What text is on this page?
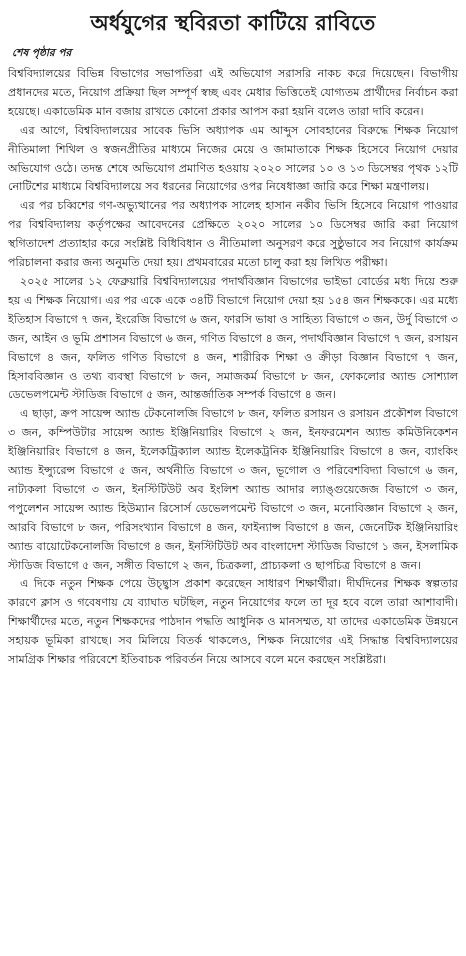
অর্ধযুগের স্থবিরতা কাটিয়ে রাবিতে
শেষ পৃষ্ঠার পর

বিশ্ববিদ্যালয়ের বিভিন্ন বিভাগের সভাপতিরা এই অভিযোগ সরাসরি নাকচ করে দিয়েছেন। বিভাগীয় প্রধানদের মতে, নিয়োগ প্রক্রিয়া ছিল সম্পূর্ণ স্বচ্ছ এবং মেধার ভিত্তিতেই যোগ্যতম প্রার্থীদের নির্বাচন করা হয়েছে। একাডেমিক মান বজায় রাখতে কোনো প্রকার আপস করা হয়নি বলেও তারা দাবি করেন।

এর আগে, বিশ্ববিদ্যালয়ের সাবেক ভিসি অধ্যাপক এম আব্দুস সোবহানের বিরুদ্ধে শিক্ষক নিয়োগ নীতিমালা শিথিল ও স্বজনপ্রীতির মাধ্যমে নিজের মেয়ে ও জামাতাকে শিক্ষক হিসেবে নিয়োগ দেয়ার অভিযোগ ওঠে। তদন্ত শেষে অভিযোগ প্রমাণিত হওয়ায় ২০২০ সালের ১০ ও ১৩ ডিসেম্বর পৃথক ১২টি নোটিশের মাধ্যমে বিশ্ববিদ্যালয়ে সব ধরনের নিয়োগের ওপর নিষেধাজ্ঞা জারি করে শিক্ষা মন্ত্রণালয়।

এর পর চব্বিশের গণ-অভ্যুত্থানের পর অধ্যাপক সালেহ হাসান নকীব ভিসি হিসেবে নিয়োগ পাওয়ার পর বিশ্ববিদ্যালয় কর্তৃপক্ষের আবেদনের প্রেক্ষিতে ২০২০ সালের ১০ ডিসেম্বর জারি করা নিয়োগ স্থগিতাদেশ প্রত্যাহার করে সংশ্লিষ্ট বিধিবিধান ও নীতিমালা অনুসরণ করে সুষ্ঠুভাবে সব নিয়োগ কার্যক্রম পরিচালনা করার জন্য অনুমতি দেয়া হয়। প্রথমবারের মতো চালু করা হয় লিখিত পরীক্ষা।

২০২৫ সালের ১২ ফেব্রুয়ারি বিশ্ববিদ্যালয়ের পদার্থবিজ্ঞান বিভাগের ভাইভা বোর্ডের মধ্য দিয়ে শুরু হয় এ শিক্ষক নিয়োগ। এর পর একে একে ৩৪টি বিভাগে নিয়োগ দেয়া হয় ১৫৪ জন শিক্ষককে। এর মধ্যে ইতিহাস বিভাগে ৭ জন, ইংরেজি বিভাগে ৬ জন, ফারসি ভাষা ও সাহিত্য বিভাগে ৩ জন, উর্দু বিভাগে ৩ জন, আইন ও ভূমি প্রশাসন বিভাগে ৬ জন, গণিত বিভাগে ৪ জন, পদার্থবিজ্ঞান বিভাগে ৭ জন, রসায়ন বিভাগে ৪ জন, ফলিত গণিত বিভাগে ৪ জন, শারীরিক শিক্ষা ও ক্রীড়া বিজ্ঞান বিভাগে ৭ জন, হিসাববিজ্ঞান ও তথ্য ব্যবস্থা বিভাগে ৮ জন, সমাজকর্ম বিভাগে ৮ জন, ফোকলোর অ্যান্ড সোশ্যাল ডেভেলপমেন্ট স্টাডিজ বিভাগে ৫ জন, আন্তর্জাতিক সম্পর্ক বিভাগে ৪ জন।

এ ছাড়া, ক্রপ সায়েন্স অ্যান্ড টেকনোলজি বিভাগে ৮ জন, ফলিত রসায়ন ও রসায়ন প্রকৌশল বিভাগে ৩ জন, কম্পিউটার সায়েন্স অ্যান্ড ইঞ্জিনিয়ারিং বিভাগে ২ জন, ইনফরমেশন অ্যান্ড কমিউনিকেশন ইঞ্জিনিয়ারিং বিভাগে ৪ জন, ইলেকট্রিক্যাল অ্যান্ড ইলেকট্রনিক ইঞ্জিনিয়ারিং বিভাগে ৪ জন, ব্যাংকিং অ্যান্ড ইন্স্যুরেন্স বিভাগে ৫ জন, অর্থনীতি বিভাগে ৩ জন, ভূগোল ও পরিবেশবিদ্যা বিভাগে ৬ জন, নাট্যকলা বিভাগে ৩ জন, ইনস্টিটিউট অব ইংলিশ অ্যান্ড আদার ল্যাঙ্গুয়েজেজ বিভাগে ৩ জন, পপুলেশন সায়েন্স অ্যান্ড হিউম্যান রিসোর্স ডেভেলপমেন্ট বিভাগে ৩ জন, মনোবিজ্ঞান বিভাগে ২ জন, আরবি বিভাগে ৮ জন, পরিসংখ্যান বিভাগে ৪ জন, ফাইন্যান্স বিভাগে ৪ জন, জেনেটিক ইঞ্জিনিয়ারিং অ্যান্ড বায়োটেকনোলজি বিভাগে ৪ জন, ইনস্টিটিউট অব বাংলাদেশ স্টাডিজ বিভাগে ১ জন, ইসলামিক স্টাডিজ বিভাগে ৫ জন, সঙ্গীত বিভাগে ২ জন, চিত্রকলা, প্রাচ্যকলা ও ছাপচিত্র বিভাগে ৪ জন।

এ দিকে নতুন শিক্ষক পেয়ে উচ্ছ্বাস প্রকাশ করেছেন সাধারণ শিক্ষার্থীরা। দীর্ঘদিনের শিক্ষক স্বল্পতার কারণে ক্লাস ও গবেষণায় যে ব্যাঘাত ঘটছিল, নতুন নিয়োগের ফলে তা দূর হবে বলে তারা আশাবাদী। শিক্ষার্থীদের মতে, নতুন শিক্ষকদের পাঠদান পদ্ধতি আধুনিক ও মানসম্মত, যা তাদের একাডেমিক উন্নয়নে সহায়ক ভূমিকা রাখছে। সব মিলিয়ে বিতর্ক থাকলেও, শিক্ষক নিয়োগের এই সিদ্ধান্ত বিশ্ববিদ্যালয়ের সামগ্রিক শিক্ষার পরিবেশে ইতিবাচক পরিবর্তন নিয়ে আসবে বলে মনে করছেন সংশ্লিষ্টরা।
